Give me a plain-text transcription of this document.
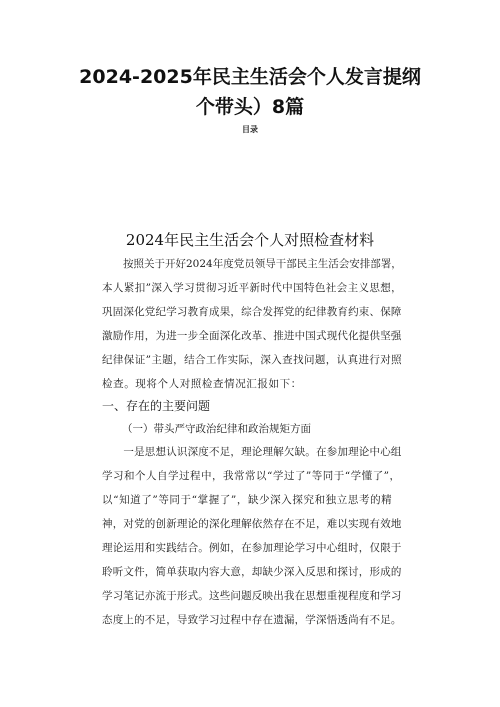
2024-2025年民主生活会个人发言提纲
个带头）8篇
目录
2024年民主生活会个人对照检查材料
　　按照关于开好2024年度党员领导干部民主生活会安排部署，
本人紧扣”深入学习贯彻习近平新时代中国特色社会主义思想，
巩固深化党纪学习教育成果，综合发挥党的纪律教育约束、保障
激励作用，为进一步全面深化改革、推进中国式现代化提供坚强
纪律保证”主题，结合工作实际，深入查找问题，认真进行对照
检查。现将个人对照检查情况汇报如下：
一、存在的主要问题
（一）带头严守政治纪律和政治规矩方面
　　一是思想认识深度不足，理论理解欠缺。在参加理论中心组
学习和个人自学过程中，我常常以“学过了”等同于“学懂了”，
以“知道了”等同于“掌握了”，缺少深入探究和独立思考的精
神，对党的创新理论的深化理解依然存在不足，难以实现有效地
理论运用和实践结合。例如，在参加理论学习中心组时，仅限于
聆听文件，简单获取内容大意，却缺少深入反思和探讨，形成的
学习笔记亦流于形式。这些问题反映出我在思想重视程度和学习
态度上的不足，导致学习过程中存在遗漏，学深悟透尚有不足。
